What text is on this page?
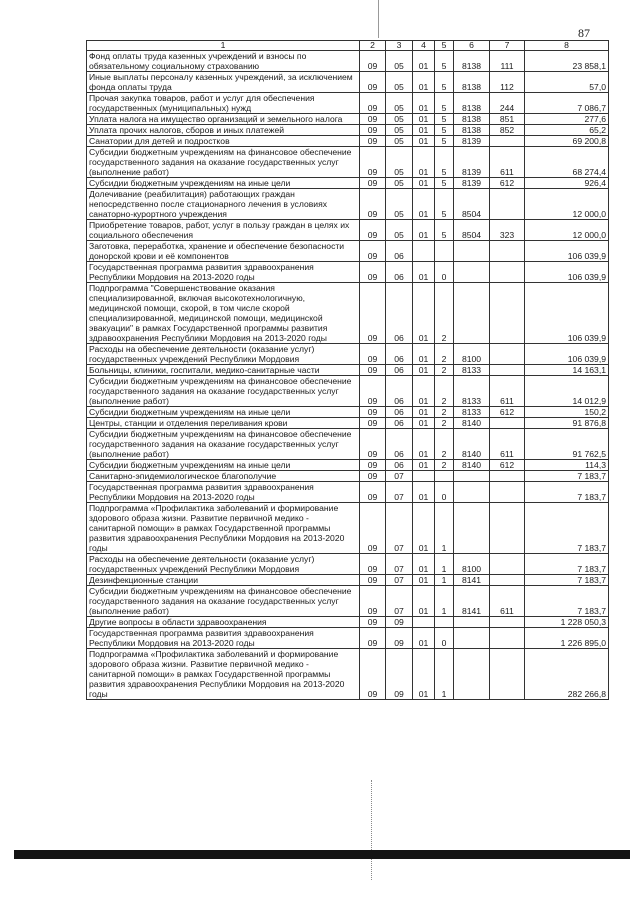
87
1	2	3	4	5	6	7	8
Фонд оплаты труда казенных учреждений и взносы по обязательному социальному страхованию	09	05	01	5	8138	111	23 858,1
Иные выплаты персоналу казенных учреждений, за исключением фонда оплаты труда	09	05	01	5	8138	112	57,0
Прочая закупка товаров, работ и услуг для обеспечения государственных (муниципальных) нужд	09	05	01	5	8138	244	7 086,7
Уплата налога на имущество организаций и земельного налога	09	05	01	5	8138	851	277,6
Уплата прочих налогов, сборов и иных платежей	09	05	01	5	8138	852	65,2
Санатории для детей и подростков	09	05	01	5	8139		69 200,8
Субсидии бюджетным учреждениям на финансовое обеспечение государственного задания на оказание государственных услуг (выполнение работ)	09	05	01	5	8139	611	68 274,4
Субсидии бюджетным учреждениям на иные цели	09	05	01	5	8139	612	926,4
Долечивание (реабилитация) работающих граждан непосредственно после стационарного лечения в условиях санаторно-курортного учреждения	09	05	01	5	8504		12 000,0
Приобретение товаров, работ, услуг в пользу граждан в целях их социального обеспечения	09	05	01	5	8504	323	12 000,0
Заготовка, переработка, хранение и обеспечение безопасности донорской крови и её компонентов	09	06					106 039,9
Государственная программа развития здравоохранения Республики Мордовия на 2013-2020 годы	09	06	01	0			106 039,9
Подпрограмма "Совершенствование оказания специализированной, включая высокотехнологичную, медицинской помощи, скорой, в том числе скорой специализированной, медицинской помощи, медицинской эвакуации" в рамках Государственной программы развития здравоохранения Республики Мордовия на 2013-2020 годы	09	06	01	2			106 039,9
Расходы на обеспечение деятельности (оказание услуг) государственных учреждений Республики Мордовия	09	06	01	2	8100		106 039,9
Больницы, клиники, госпитали, медико-санитарные части	09	06	01	2	8133		14 163,1
Субсидии бюджетным учреждениям на финансовое обеспечение государственного задания на оказание государственных услуг (выполнение работ)	09	06	01	2	8133	611	14 012,9
Субсидии бюджетным учреждениям на иные цели	09	06	01	2	8133	612	150,2
Центры, станции и отделения переливания крови	09	06	01	2	8140		91 876,8
Субсидии бюджетным учреждениям на финансовое обеспечение государственного задания на оказание государственных услуг (выполнение работ)	09	06	01	2	8140	611	91 762,5
Субсидии бюджетным учреждениям на иные цели	09	06	01	2	8140	612	114,3
Санитарно-эпидемиологическое благополучие	09	07					7 183,7
Государственная программа развития здравоохранения Республики Мордовия на 2013-2020 годы	09	07	01	0			7 183,7
Подпрограмма «Профилактика заболеваний и формирование здорового образа жизни. Развитие первичной медико - санитарной помощи» в рамках Государственной программы развития здравоохранения Республики Мордовия на 2013-2020 годы	09	07	01	1			7 183,7
Расходы на обеспечение деятельности (оказание услуг) государственных учреждений Республики Мордовия	09	07	01	1	8100		7 183,7
Дезинфекционные станции	09	07	01	1	8141		7 183,7
Субсидии бюджетным учреждениям на финансовое обеспечение государственного задания на оказание государственных услуг (выполнение работ)	09	07	01	1	8141	611	7 183,7
Другие вопросы в области здравоохранения	09	09					1 228 050,3
Государственная программа развития здравоохранения Республики Мордовия на 2013-2020 годы	09	09	01	0			1 226 895,0
Подпрограмма «Профилактика заболеваний и формирование здорового образа жизни. Развитие первичной медико - санитарной помощи» в рамках Государственной программы развития здравоохранения Республики Мордовия на 2013-2020 годы	09	09	01	1			282 266,8
